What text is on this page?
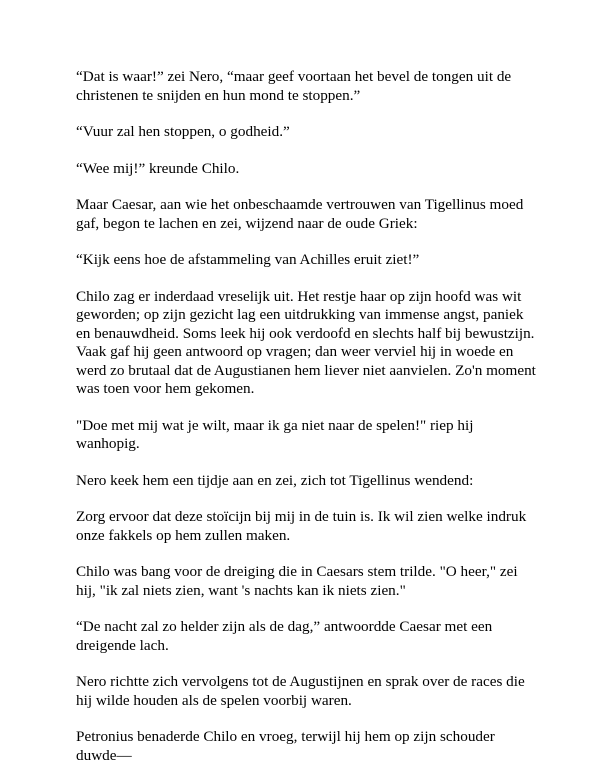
“Dat is waar!” zei Nero, “maar geef voortaan het bevel de tongen uit de christenen te snijden en hun mond te stoppen.”

“Vuur zal hen stoppen, o godheid.”

“Wee mij!” kreunde Chilo.

Maar Caesar, aan wie het onbeschaamde vertrouwen van Tigellinus moed gaf, begon te lachen en zei, wijzend naar de oude Griek:

“Kijk eens hoe de afstammeling van Achilles eruit ziet!”

Chilo zag er inderdaad vreselijk uit. Het restje haar op zijn hoofd was wit geworden; op zijn gezicht lag een uitdrukking van immense angst, paniek en benauwdheid. Soms leek hij ook verdoofd en slechts half bij bewustzijn. Vaak gaf hij geen antwoord op vragen; dan weer verviel hij in woede en werd zo brutaal dat de Augustianen hem liever niet aanvielen. Zo'n moment was toen voor hem gekomen.

"Doe met mij wat je wilt, maar ik ga niet naar de spelen!" riep hij wanhopig.

Nero keek hem een tijdje aan en zei, zich tot Tigellinus wendend:

Zorg ervoor dat deze stoïcijn bij mij in de tuin is. Ik wil zien welke indruk onze fakkels op hem zullen maken.

Chilo was bang voor de dreiging die in Caesars stem trilde. "O heer," zei hij, "ik zal niets zien, want 's nachts kan ik niets zien."

“De nacht zal zo helder zijn als de dag,” antwoordde Caesar met een dreigende lach.

Nero richtte zich vervolgens tot de Augustijnen en sprak over de races die hij wilde houden als de spelen voorbij waren.

Petronius benaderde Chilo en vroeg, terwijl hij hem op zijn schouder duwde—
